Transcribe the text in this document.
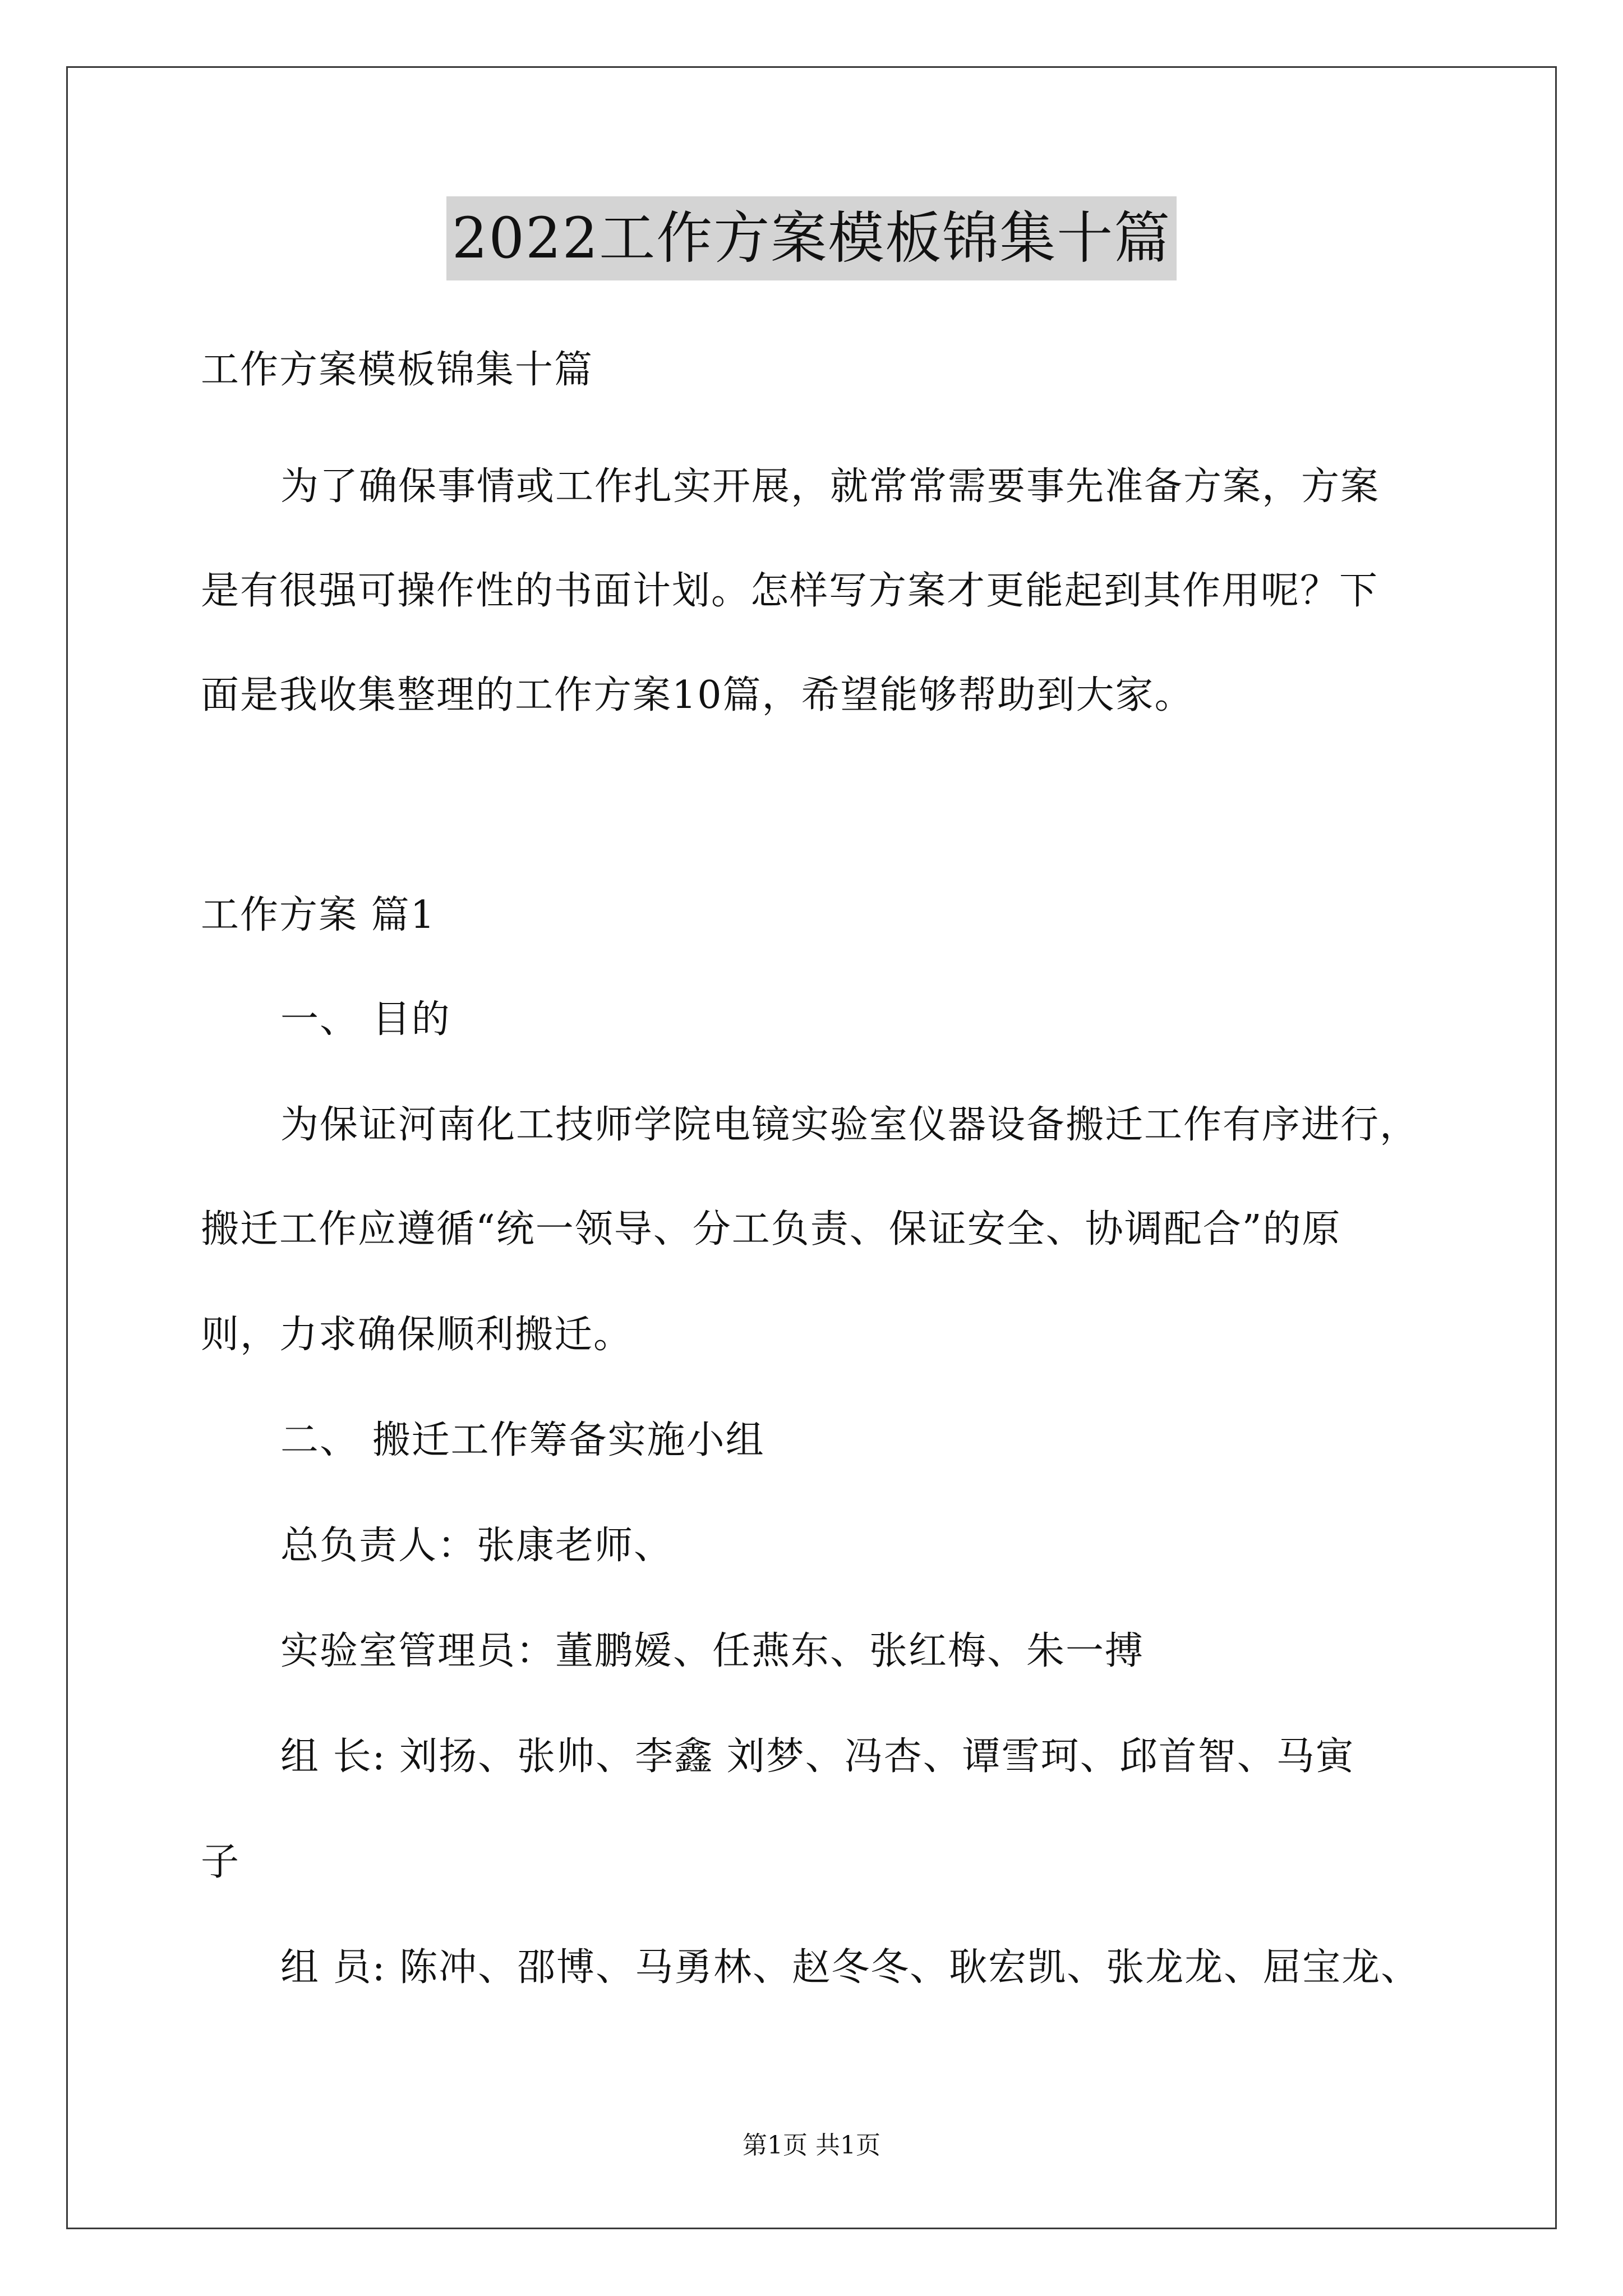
2022工作方案模板锦集十篇
工作方案模板锦集十篇
为了确保事情或工作扎实开展，就常常需要事先准备方案，方案
是有很强可操作性的书面计划。怎样写方案才更能起到其作用呢？下
面是我收集整理的工作方案10篇，希望能够帮助到大家。
工作方案 篇1
一、 目的
为保证河南化工技师学院电镜实验室仪器设备搬迁工作有序进行，
搬迁工作应遵循“统一领导、分工负责、保证安全、协调配合”的原
则，力求确保顺利搬迁。
二、 搬迁工作筹备实施小组
总负责人：张康老师、
实验室管理员：董鹏嫒、任燕东、张红梅、朱一搏
组 长: 刘扬、张帅、李鑫 刘梦、冯杏、谭雪珂、邱首智、马寅
子
组 员: 陈冲、邵博、马勇林、赵冬冬、耿宏凯、张龙龙、屈宝龙、
第1页 共1页
